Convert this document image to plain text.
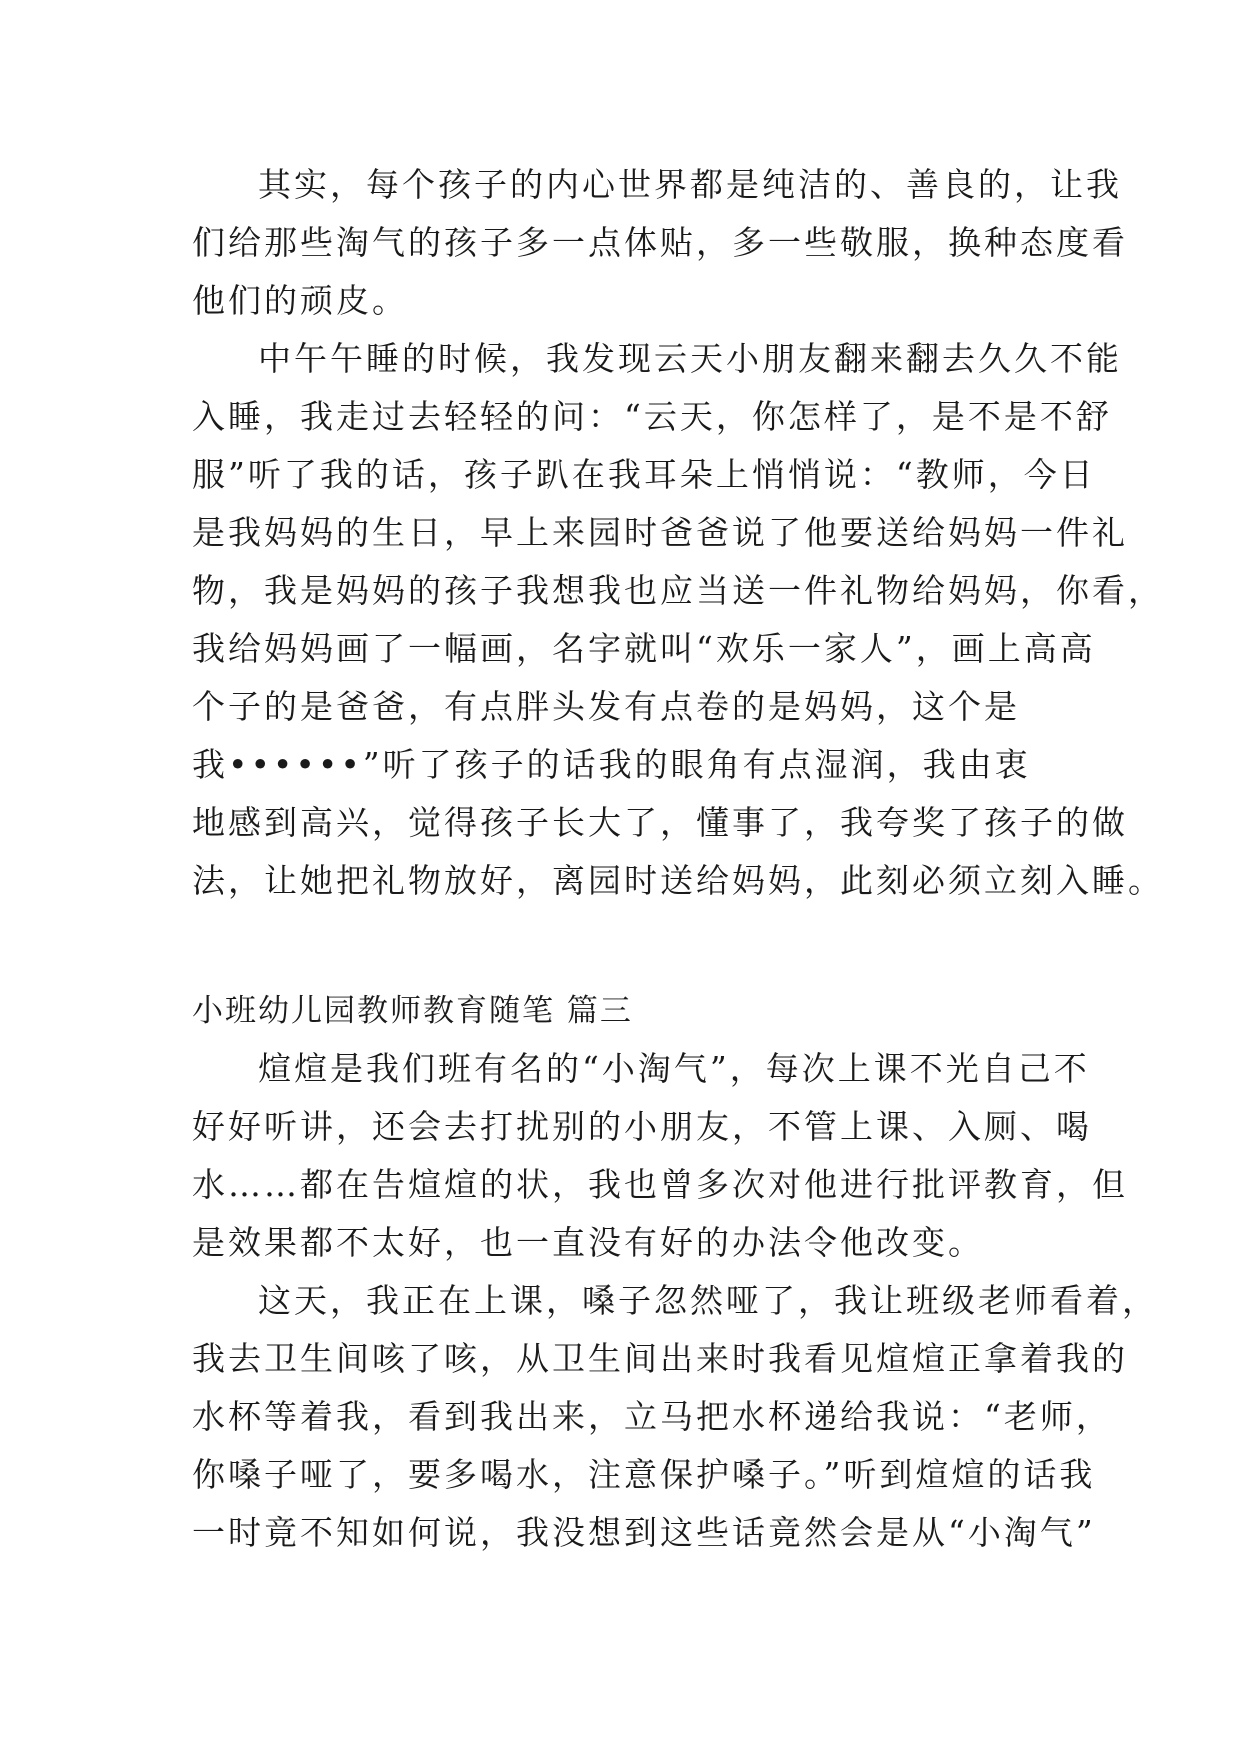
其实，每个孩子的内心世界都是纯洁的、善良的，让我
们给那些淘气的孩子多一点体贴，多一些敬服，换种态度看
他们的顽皮。
中午午睡的时候，我发现云天小朋友翻来翻去久久不能
入睡，我走过去轻轻的问：“云天，你怎样了，是不是不舒
服”听了我的话，孩子趴在我耳朵上悄悄说：“教师，今日
是我妈妈的生日，早上来园时爸爸说了他要送给妈妈一件礼
物，我是妈妈的孩子我想我也应当送一件礼物给妈妈，你看，
我给妈妈画了一幅画，名字就叫“欢乐一家人”，画上高高
个子的是爸爸，有点胖头发有点卷的是妈妈，这个是
我••••••”听了孩子的话我的眼角有点湿润，我由衷
地感到高兴，觉得孩子长大了，懂事了，我夸奖了孩子的做
法，让她把礼物放好，离园时送给妈妈，此刻必须立刻入睡。
小班幼儿园教师教育随笔 篇三
煊煊是我们班有名的“小淘气”，每次上课不光自己不
好好听讲，还会去打扰别的小朋友，不管上课、入厕、喝
水……都在告煊煊的状，我也曾多次对他进行批评教育，但
是效果都不太好，也一直没有好的办法令他改变。
这天，我正在上课，嗓子忽然哑了，我让班级老师看着，
我去卫生间咳了咳，从卫生间出来时我看见煊煊正拿着我的
水杯等着我，看到我出来，立马把水杯递给我说：“老师，
你嗓子哑了，要多喝水，注意保护嗓子。”听到煊煊的话我
一时竟不知如何说，我没想到这些话竟然会是从“小淘气”
